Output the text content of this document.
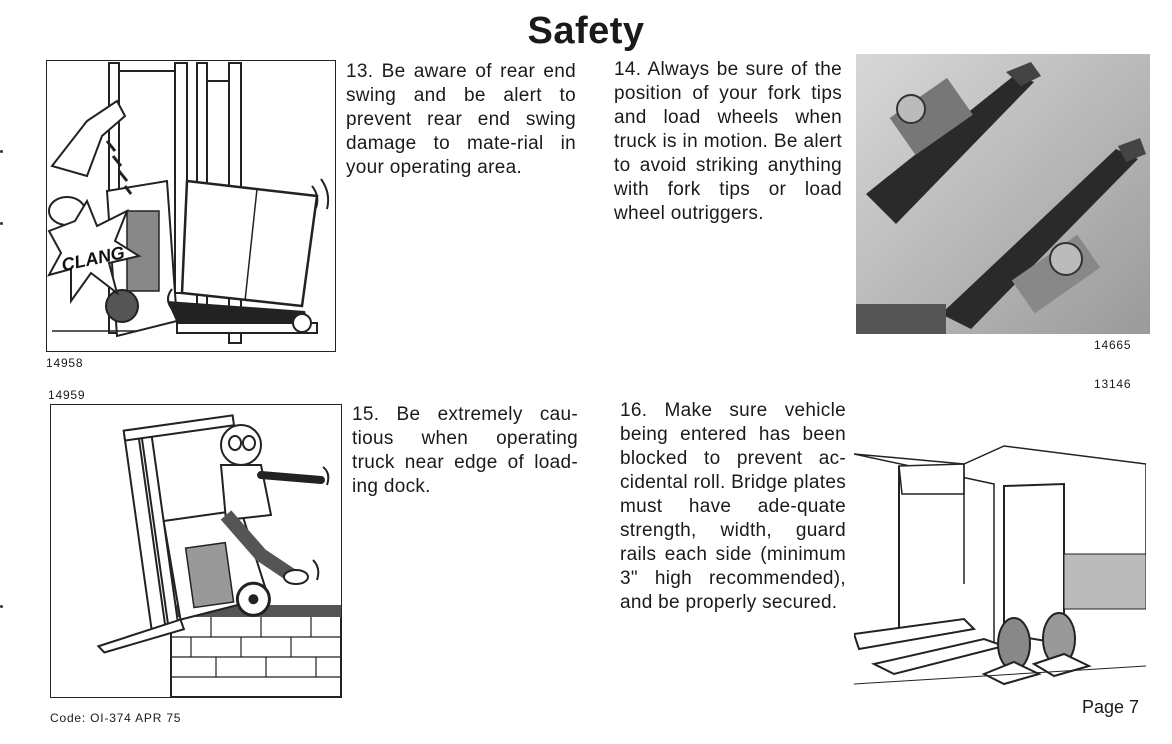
Safety
CLANG
14958
13. Be aware of rear end swing and be alert to prevent rear end swing damage to mate-rial in your operating area.
14. Always be sure of the position of your fork tips and load wheels when truck is in motion. Be alert to avoid striking anything with fork tips or load wheel outriggers.
14665
14959
15. Be extremely cau-tious when operating truck near edge of load-ing dock.
16. Make sure vehicle being entered has been blocked to prevent ac-cidental roll. Bridge plates must have ade-quate strength, width, guard rails each side (minimum 3" high recommended), and be properly secured.
13146
Code: OI-374 APR 75
Page 7
